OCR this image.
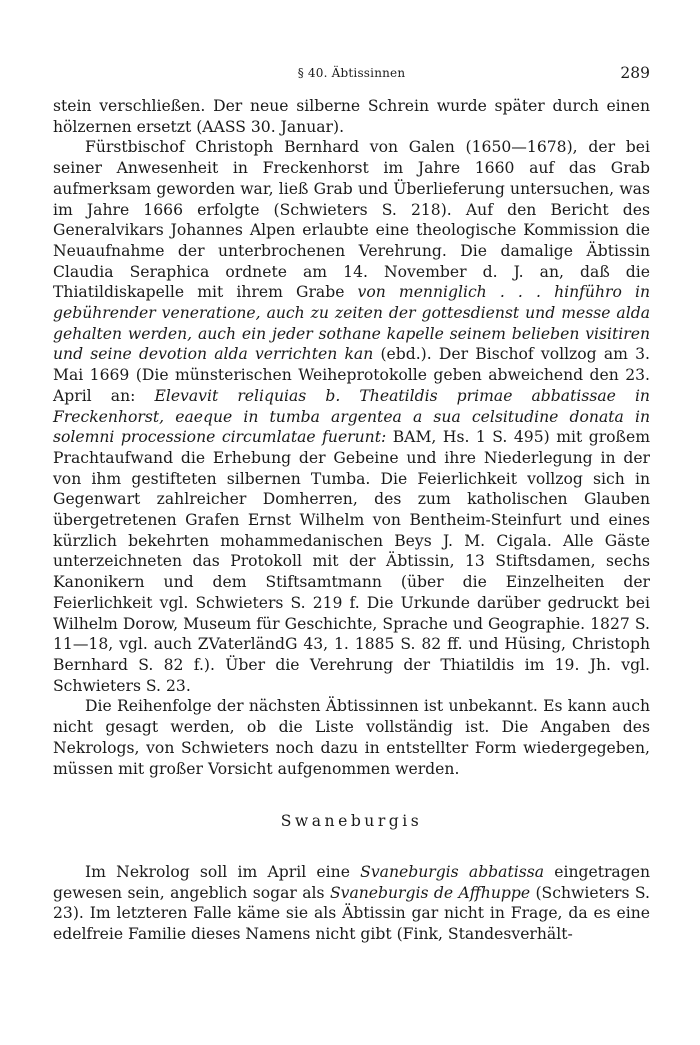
§ 40. Äbtissinnen	289

stein verschließen. Der neue silberne Schrein wurde später durch einen hölzernen ersetzt (AASS 30. Januar).

Fürstbischof Christoph Bernhard von Galen (1650—1678), der bei seiner Anwesenheit in Freckenhorst im Jahre 1660 auf das Grab aufmerksam geworden war, ließ Grab und Überlieferung untersuchen, was im Jahre 1666 erfolgte (Schwieters S. 218). Auf den Bericht des Generalvikars Johannes Alpen erlaubte eine theologische Kommission die Neuaufnahme der unterbrochenen Verehrung. Die damalige Äbtissin Claudia Seraphica ordnete am 14. November d. J. an, daß die Thiatildiskapelle mit ihrem Grabe von menniglich . . . hinführo in gebührender veneratione, auch zu zeiten der gottesdienst und messe alda gehalten werden, auch ein jeder sothane kapelle seinem belieben visitiren und seine devotion alda verrichten kan (ebd.). Der Bischof vollzog am 3. Mai 1669 (Die münsterischen Weiheprotokolle geben abweichend den 23. April an: Elevavit reliquias b. Theatildis primae abbatissae in Freckenhorst, eaeque in tumba argentea a sua celsitudine donata in solemni processione circumlatae fuerunt: BAM, Hs. 1 S. 495) mit großem Prachtaufwand die Erhebung der Gebeine und ihre Niederlegung in der von ihm gestifteten silbernen Tumba. Die Feierlichkeit vollzog sich in Gegenwart zahlreicher Domherren, des zum katholischen Glauben übergetretenen Grafen Ernst Wilhelm von Bentheim-Steinfurt und eines kürzlich bekehrten mohammedanischen Beys J. M. Cigala. Alle Gäste unterzeichneten das Protokoll mit der Äbtissin, 13 Stiftsdamen, sechs Kanonikern und dem Stiftsamtmann (über die Einzelheiten der Feierlichkeit vgl. Schwieters S. 219 f. Die Urkunde darüber gedruckt bei Wilhelm Dorow, Museum für Geschichte, Sprache und Geographie. 1827 S. 11—18, vgl. auch ZVaterländG 43, 1. 1885 S. 82 ff. und Hüsing, Christoph Bernhard S. 82 f.). Über die Verehrung der Thiatildis im 19. Jh. vgl. Schwieters S. 23.

Die Reihenfolge der nächsten Äbtissinnen ist unbekannt. Es kann auch nicht gesagt werden, ob die Liste vollständig ist. Die Angaben des Nekrologs, von Schwieters noch dazu in entstellter Form wiedergegeben, müssen mit großer Vorsicht aufgenommen werden.

Swaneburgis

Im Nekrolog soll im April eine Svaneburgis abbatissa eingetragen gewesen sein, angeblich sogar als Svaneburgis de Affhuppe (Schwieters S. 23). Im letzteren Falle käme sie als Äbtissin gar nicht in Frage, da es eine edelfreie Familie dieses Namens nicht gibt (Fink, Standesverhält-
